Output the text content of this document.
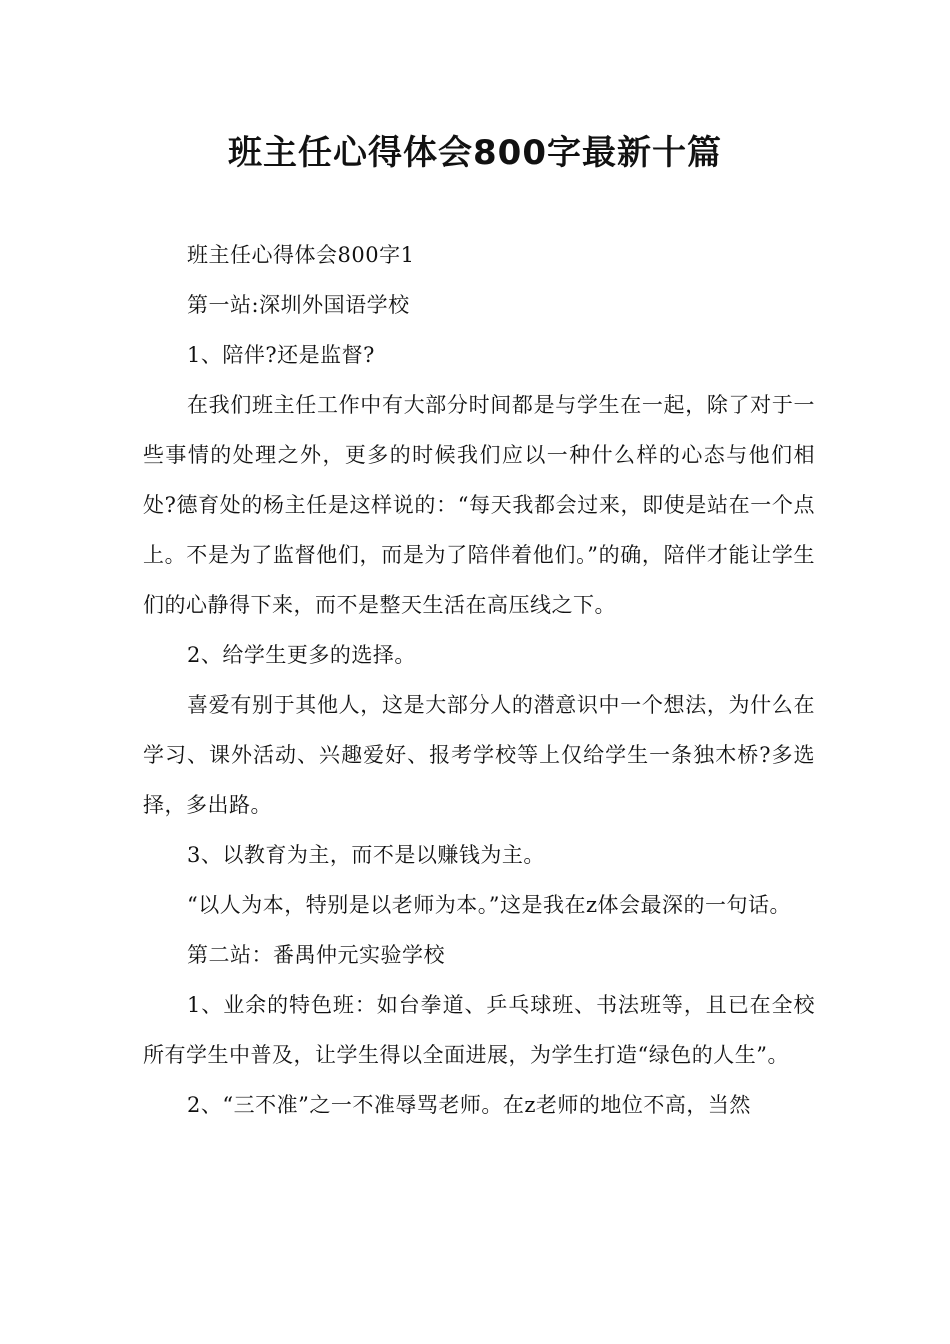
班主任心得体会800字最新十篇

班主任心得体会800字1

第一站:深圳外国语学校

1、陪伴?还是监督?

在我们班主任工作中有大部分时间都是与学生在一起，除了对于一些事情的处理之外，更多的时候我们应以一种什么样的心态与他们相处?德育处的杨主任是这样说的：“每天我都会过来，即使是站在一个点上。不是为了监督他们，而是为了陪伴着他们。”的确，陪伴才能让学生们的心静得下来，而不是整天生活在高压线之下。

2、给学生更多的选择。

喜爱有别于其他人，这是大部分人的潜意识中一个想法，为什么在学习、课外活动、兴趣爱好、报考学校等上仅给学生一条独木桥?多选择，多出路。

3、以教育为主，而不是以赚钱为主。

“以人为本，特别是以老师为本。”这是我在z体会最深的一句话。

第二站：番禺仲元实验学校

1、业余的特色班：如台拳道、乒乓球班、书法班等，且已在全校所有学生中普及，让学生得以全面进展，为学生打造“绿色的人生”。

2、“三不准”之一不准辱骂老师。在z老师的地位不高，当然
